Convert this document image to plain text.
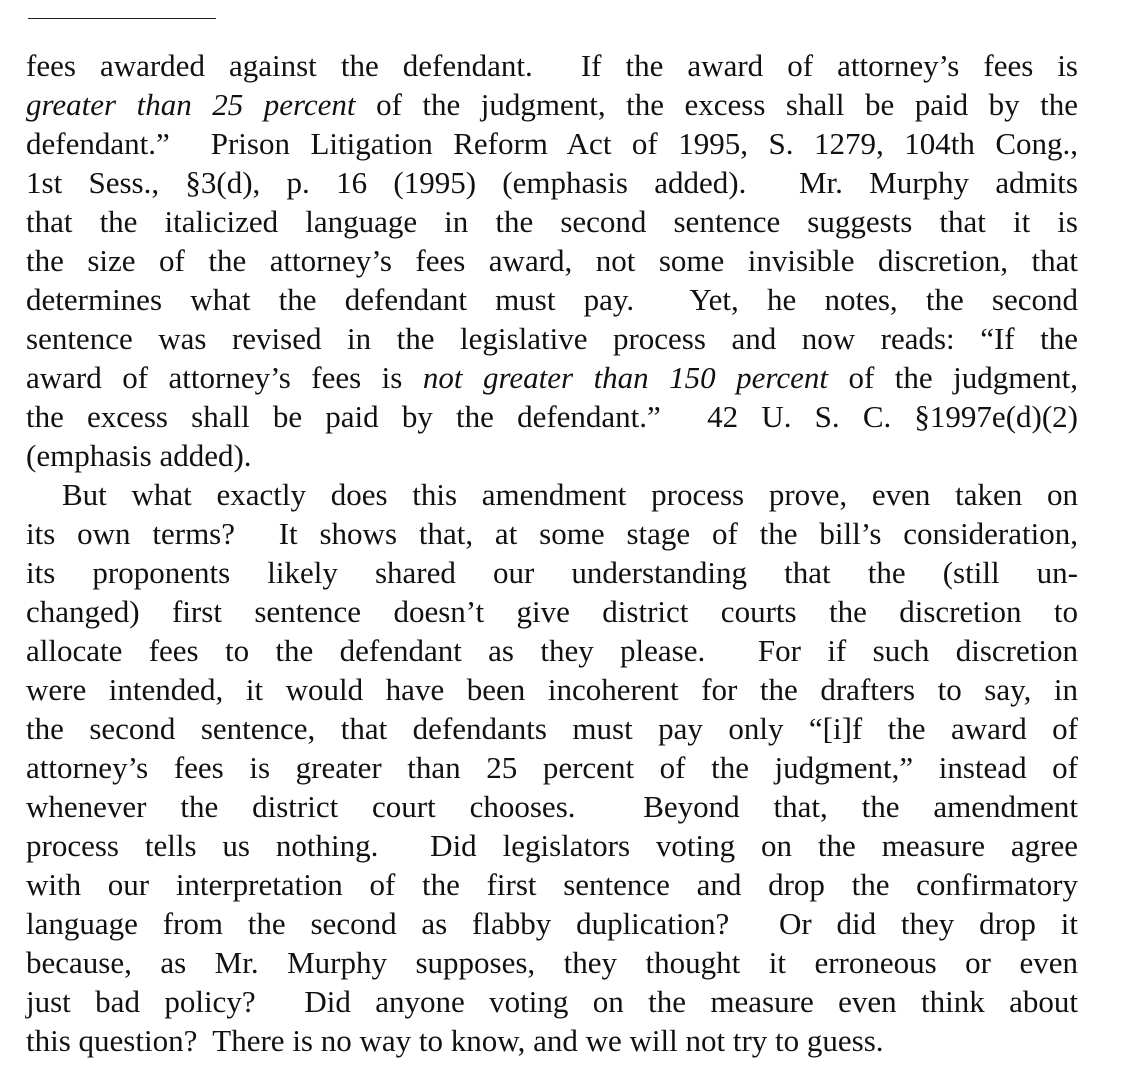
fees awarded against the defendant.  If the award of attorney’s fees is
greater than 25 percent of the judgment, the excess shall be paid by the
defendant.”  Prison Litigation Reform Act of 1995, S. 1279, 104th Cong.,
1st Sess., §3(d), p. 16 (1995) (emphasis added).  Mr. Murphy admits
that the italicized language in the second sentence suggests that it is
the size of the attorney’s fees award, not some invisible discretion, that
determines what the defendant must pay.  Yet, he notes, the second
sentence was revised in the legislative process and now reads: “If the
award of attorney’s fees is not greater than 150 percent of the judgment,
the excess shall be paid by the defendant.”  42 U. S. C. §1997e(d)(2)
(emphasis added).
But what exactly does this amendment process prove, even taken on
its own terms?  It shows that, at some stage of the bill’s consideration,
its proponents likely shared our understanding that the (still un-
changed) first sentence doesn’t give district courts the discretion to
allocate fees to the defendant as they please.  For if such discretion
were intended, it would have been incoherent for the drafters to say, in
the second sentence, that defendants must pay only “[i]f the award of
attorney’s fees is greater than 25 percent of the judgment,” instead of
whenever the district court chooses.  Beyond that, the amendment
process tells us nothing.  Did legislators voting on the measure agree
with our interpretation of the first sentence and drop the confirmatory
language from the second as flabby duplication?  Or did they drop it
because, as Mr. Murphy supposes, they thought it erroneous or even
just bad policy?  Did anyone voting on the measure even think about
this question?  There is no way to know, and we will not try to guess.
